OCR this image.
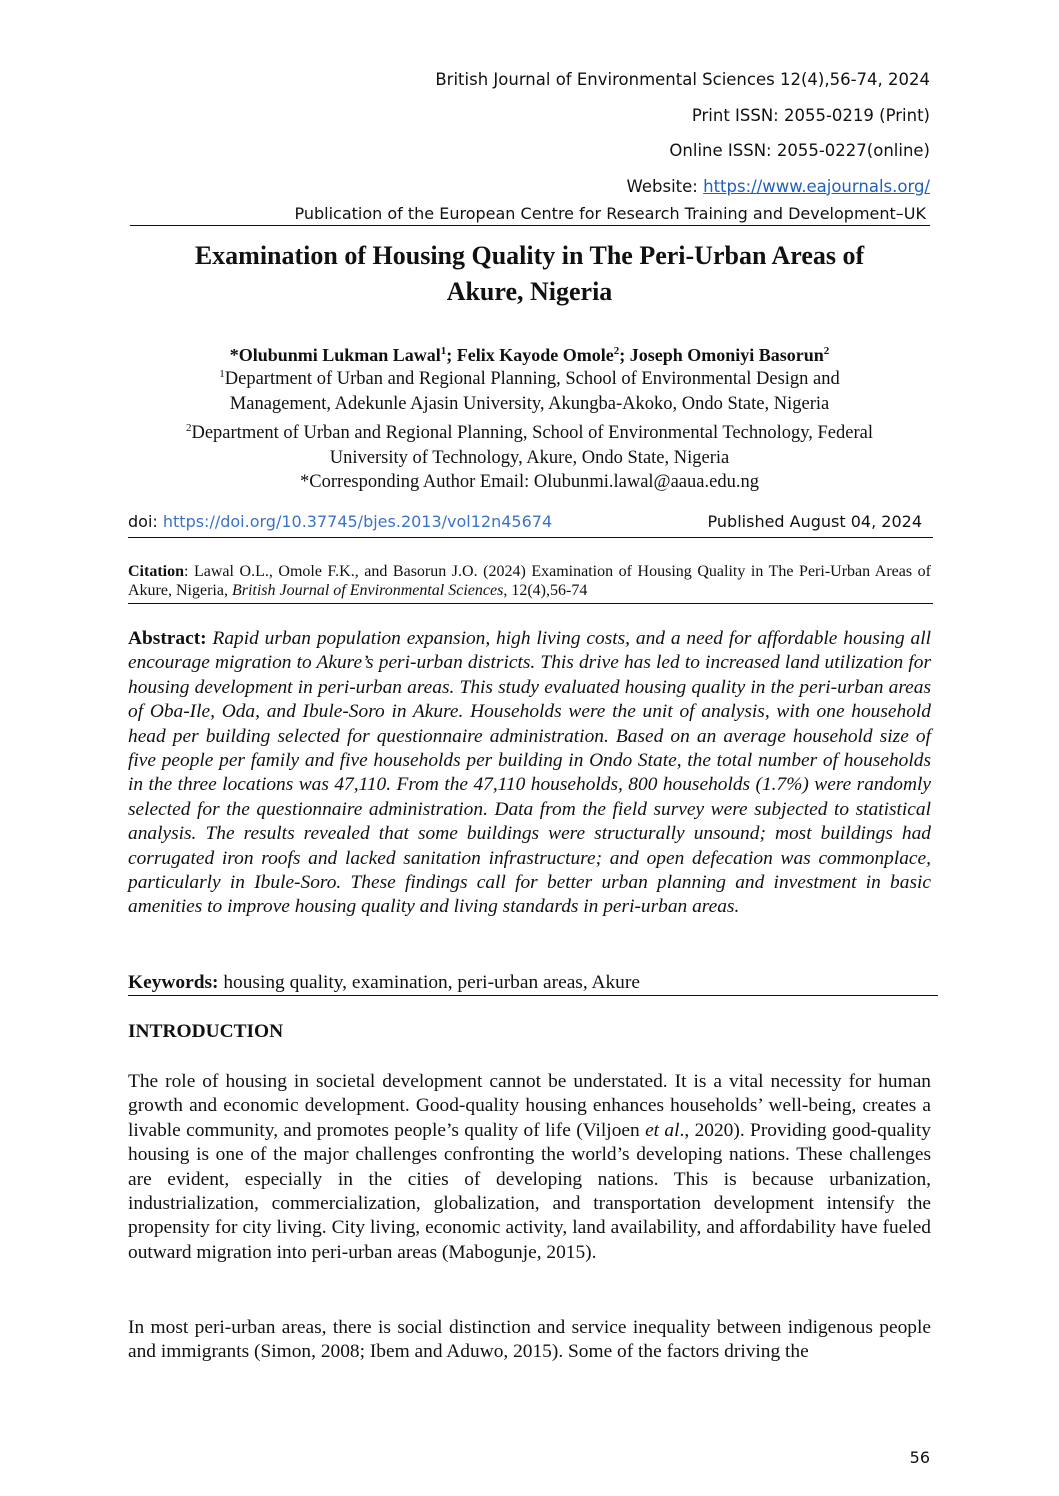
British Journal of Environmental Sciences 12(4),56-74, 2024
Print ISSN: 2055-0219 (Print)
Online ISSN: 2055-0227(online)
Website: https://www.eajournals.org/
Publication of the European Centre for Research Training and Development–UK
Examination of Housing Quality in The Peri-Urban Areas of
Akure, Nigeria
*Olubunmi Lukman Lawal$^1$; Felix Kayode Omole$^2$; Joseph Omoniyi Basorun$^2$
$^1$Department of Urban and Regional Planning, School of Environmental Design and
Management, Adekunle Ajasin University, Akungba-Akoko, Ondo State, Nigeria
$^2$Department of Urban and Regional Planning, School of Environmental Technology, Federal
University of Technology, Akure, Ondo State, Nigeria
*Corresponding Author Email: Olubunmi.lawal@aaua.edu.ng
doi: https://doi.org/10.37745/bjes.2013/vol12n45674	Published August 04, 2024
Citation: Lawal O.L., Omole F.K., and Basorun J.O. (2024) Examination of Housing Quality in The Peri-Urban Areas of Akure, Nigeria, British Journal of Environmental Sciences, 12(4),56-74

Abstract: Rapid urban population expansion, high living costs, and a need for affordable housing all encourage migration to Akure’s peri-urban districts. This drive has led to increased land utilization for housing development in peri-urban areas. This study evaluated housing quality in the peri-urban areas of Oba-Ile, Oda, and Ibule-Soro in Akure. Households were the unit of analysis, with one household head per building selected for questionnaire administration. Based on an average household size of five people per family and five households per building in Ondo State, the total number of households in the three locations was 47,110. From the 47,110 households, 800 households (1.7%) were randomly selected for the questionnaire administration. Data from the field survey were subjected to statistical analysis. The results revealed that some buildings were structurally unsound; most buildings had corrugated iron roofs and lacked sanitation infrastructure; and open defecation was commonplace, particularly in Ibule-Soro. These findings call for better urban planning and investment in basic amenities to improve housing quality and living standards in peri-urban areas.

Keywords: housing quality, examination, peri-urban areas, Akure
INTRODUCTION

The role of housing in societal development cannot be understated. It is a vital necessity for human growth and economic development. Good-quality housing enhances households’ well-being, creates a livable community, and promotes people’s quality of life (Viljoen et al., 2020). Providing good-quality housing is one of the major challenges confronting the world’s developing nations. These challenges are evident, especially in the cities of developing nations. This is because urbanization, industrialization, commercialization, globalization, and transportation development intensify the propensity for city living. City living, economic activity, land availability, and affordability have fueled outward migration into peri-urban areas (Mabogunje, 2015).

In most peri-urban areas, there is social distinction and service inequality between indigenous people and immigrants (Simon, 2008; Ibem and Aduwo, 2015). Some of the factors driving the

56
